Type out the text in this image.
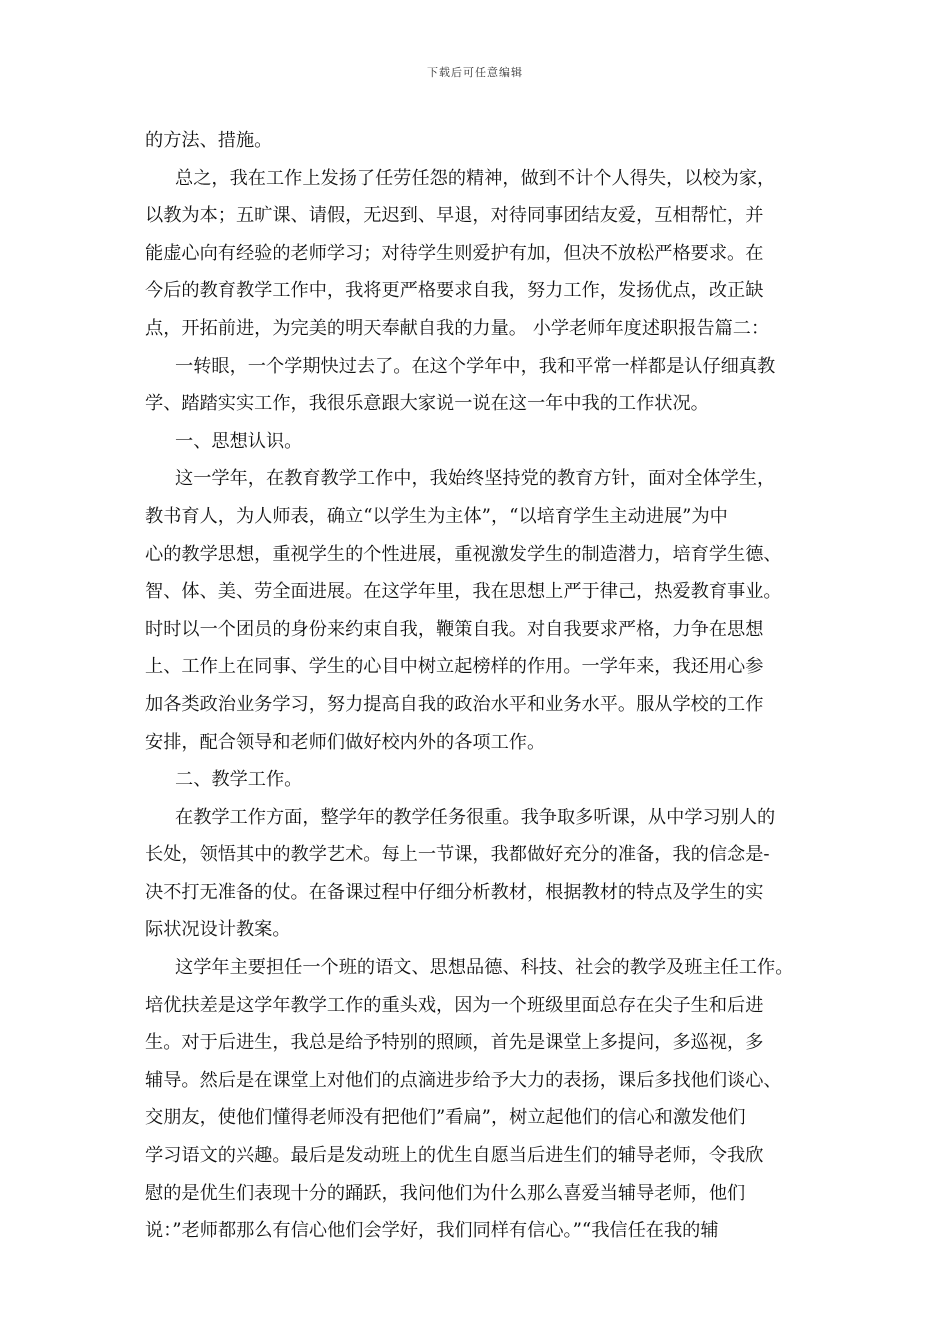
下载后可任意编辑
的方法、措施。
总之，我在工作上发扬了任劳任怨的精神，做到不计个人得失，以校为家，
以教为本；五旷课、请假，无迟到、早退，对待同事团结友爱，互相帮忙，并
能虚心向有经验的老师学习；对待学生则爱护有加，但决不放松严格要求。在
今后的教育教学工作中，我将更严格要求自我，努力工作，发扬优点，改正缺
点，开拓前进，为完美的明天奉献自我的力量。 小学老师年度述职报告篇二：
一转眼，一个学期快过去了。在这个学年中，我和平常一样都是认仔细真教
学、踏踏实实工作，我很乐意跟大家说一说在这一年中我的工作状况。
一、思想认识。
这一学年，在教育教学工作中，我始终坚持党的教育方针，面对全体学生，
教书育人，为人师表，确立“以学生为主体”，“以培育学生主动进展”为中
心的教学思想，重视学生的个性进展，重视激发学生的制造潜力，培育学生德、
智、体、美、劳全面进展。在这学年里，我在思想上严于律己，热爱教育事业。
时时以一个团员的身份来约束自我，鞭策自我。对自我要求严格，力争在思想
上、工作上在同事、学生的心目中树立起榜样的作用。一学年来，我还用心参
加各类政治业务学习，努力提高自我的政治水平和业务水平。服从学校的工作
安排，配合领导和老师们做好校内外的各项工作。
二、教学工作。
在教学工作方面，整学年的教学任务很重。我争取多听课，从中学习别人的
长处，领悟其中的教学艺术。每上一节课，我都做好充分的准备，我的信念是-
决不打无准备的仗。在备课过程中仔细分析教材，根据教材的特点及学生的实
际状况设计教案。
这学年主要担任一个班的语文、思想品德、科技、社会的教学及班主任工作。
培优扶差是这学年教学工作的重头戏，因为一个班级里面总存在尖子生和后进
生。对于后进生，我总是给予特别的照顾，首先是课堂上多提问，多巡视，多
辅导。然后是在课堂上对他们的点滴进步给予大力的表扬，课后多找他们谈心、
交朋友，使他们懂得老师没有把他们”看扁”，树立起他们的信心和激发他们
学习语文的兴趣。最后是发动班上的优生自愿当后进生们的辅导老师，令我欣
慰的是优生们表现十分的踊跃，我问他们为什么那么喜爱当辅导老师，他们
说：”老师都那么有信心他们会学好，我们同样有信心。”“我信任在我的辅
